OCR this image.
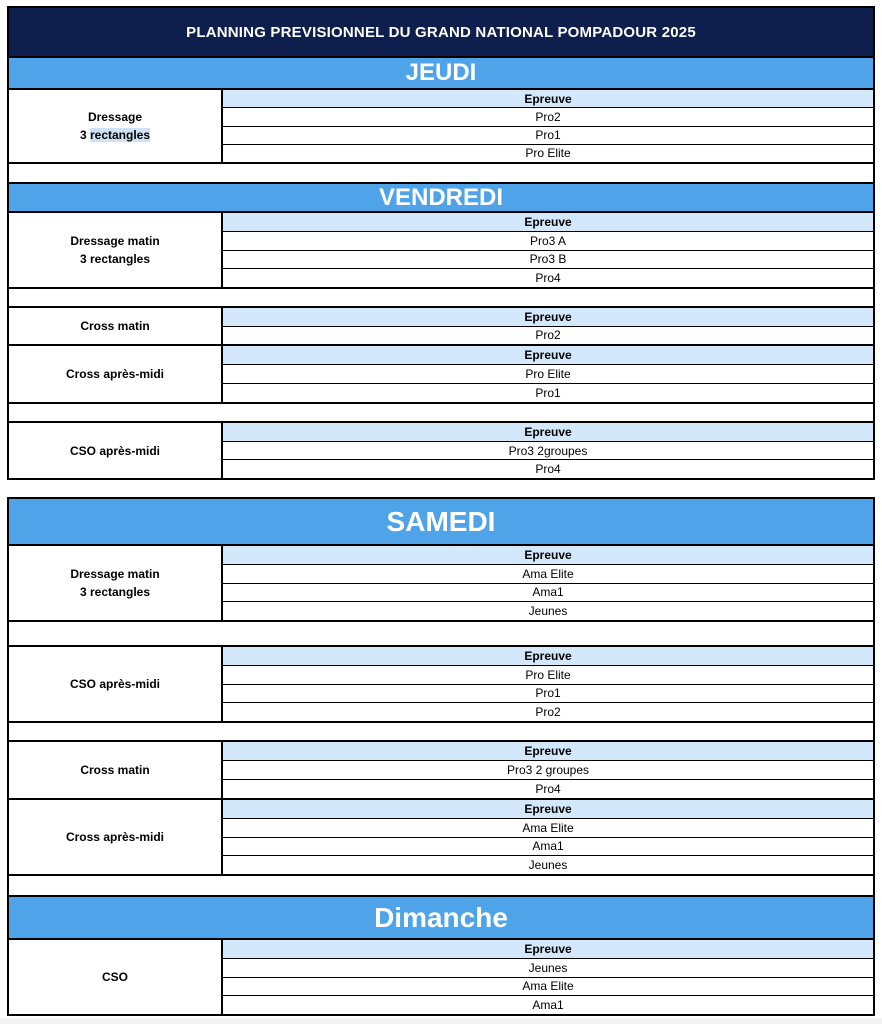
PLANNING PREVISIONNEL DU GRAND NATIONAL POMPADOUR 2025
JEUDI
Dressage
3 rectangles
Epreuve
Pro2
Pro1
Pro Elite
VENDREDI
Dressage matin
3 rectangles
Epreuve
Pro3 A
Pro3 B
Pro4
Cross matin
Epreuve
Pro2
Cross après-midi
Epreuve
Pro Elite
Pro1
CSO après-midi
Epreuve
Pro3 2groupes
Pro4
SAMEDI
Dressage matin
3 rectangles
Epreuve
Ama Elite
Ama1
Jeunes
CSO après-midi
Epreuve
Pro Elite
Pro1
Pro2
Cross matin
Epreuve
Pro3 2 groupes
Pro4
Cross après-midi
Epreuve
Ama Elite
Ama1
Jeunes
Dimanche
CSO
Epreuve
Jeunes
Ama Elite
Ama1
